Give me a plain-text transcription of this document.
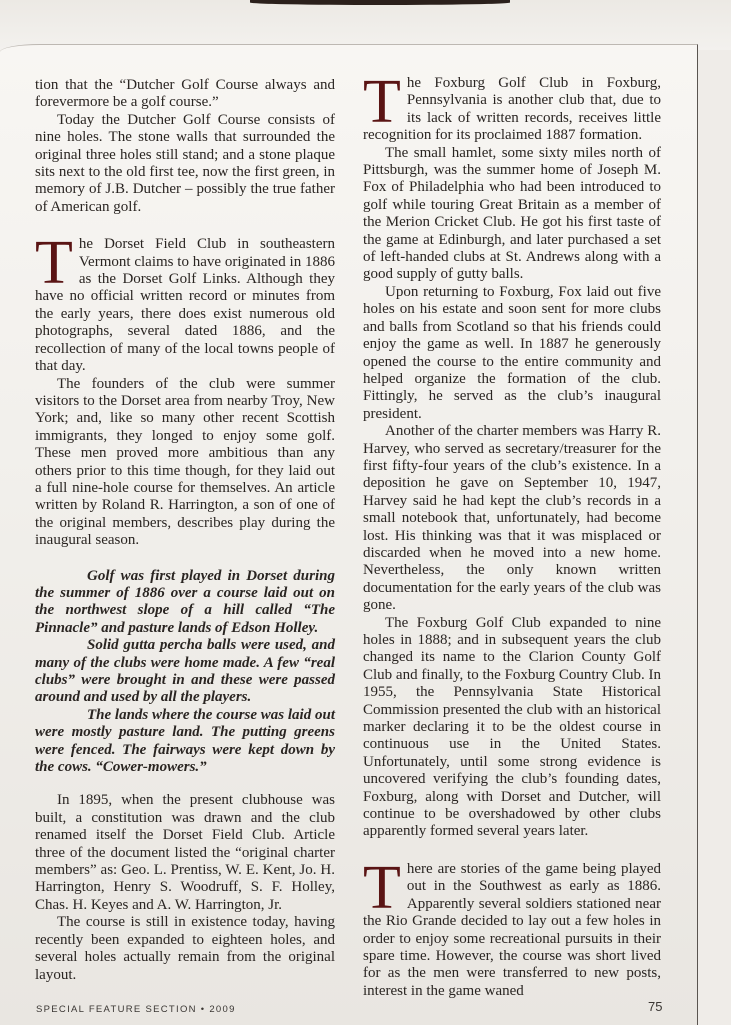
tion that the “Dutcher Golf Course always and forevermore be a golf course.”

Today the Dutcher Golf Course consists of nine holes. The stone walls that surrounded the original three holes still stand; and a stone plaque sits next to the old first tee, now the first green, in memory of J.B. Dutcher – possibly the true father of American golf.

T he Dorset Field Club in southeastern Vermont claims to have originated in 1886 as the Dorset Golf Links. Although they have no official written record or minutes from the early years, there does exist numerous old photographs, several dated 1886, and the recollection of many of the local towns people of that day.

The founders of the club were summer visitors to the Dorset area from nearby Troy, New York; and, like so many other recent Scottish immigrants, they longed to enjoy some golf. These men proved more ambitious than any others prior to this time though, for they laid out a full nine-hole course for themselves. An article written by Roland R. Harrington, a son of one of the original members, describes play during the inaugural season.

Golf was first played in Dorset during the summer of 1886 over a course laid out on the northwest slope of a hill called “The Pinnacle” and pasture lands of Edson Holley.

Solid gutta percha balls were used, and many of the clubs were home made. A few “real clubs” were brought in and these were passed around and used by all the players.

The lands where the course was laid out were mostly pasture land. The putting greens were fenced. The fairways were kept down by the cows. “Cower-mowers.”

In 1895, when the present clubhouse was built, a constitution was drawn and the club renamed itself the Dorset Field Club. Article three of the document listed the “original charter members” as: Geo. L. Prentiss, W. E. Kent, Jo. H. Harrington, Henry S. Woodruff, S. F. Holley, Chas. H. Keyes and A. W. Harrington, Jr.

The course is still in existence today, having recently been expanded to eighteen holes, and several holes actually remain from the original layout.

T he Foxburg Golf Club in Foxburg, Pennsylvania is another club that, due to its lack of written records, receives little recognition for its proclaimed 1887 formation.

The small hamlet, some sixty miles north of Pittsburgh, was the summer home of Joseph M. Fox of Philadelphia who had been introduced to golf while touring Great Britain as a member of the Merion Cricket Club. He got his first taste of the game at Edinburgh, and later purchased a set of left-handed clubs at St. Andrews along with a good supply of gutty balls.

Upon returning to Foxburg, Fox laid out five holes on his estate and soon sent for more clubs and balls from Scotland so that his friends could enjoy the game as well. In 1887 he generously opened the course to the entire community and helped organize the formation of the club. Fittingly, he served as the club’s inaugural president.

Another of the charter members was Harry R. Harvey, who served as secretary/treasurer for the first fifty-four years of the club’s existence. In a deposition he gave on September 10, 1947, Harvey said he had kept the club’s records in a small notebook that, unfortunately, had become lost. His thinking was that it was misplaced or discarded when he moved into a new home. Nevertheless, the only known written documentation for the early years of the club was gone.

The Foxburg Golf Club expanded to nine holes in 1888; and in subsequent years the club changed its name to the Clarion County Golf Club and finally, to the Foxburg Country Club. In 1955, the Pennsylvania State Historical Commission presented the club with an historical marker declaring it to be the oldest course in continuous use in the United States. Unfortunately, until some strong evidence is uncovered verifying the club’s founding dates, Foxburg, along with Dorset and Dutcher, will continue to be overshadowed by other clubs apparently formed several years later.

T here are stories of the game being played out in the Southwest as early as 1886. Apparently several soldiers stationed near the Rio Grande decided to lay out a few holes in order to enjoy some recreational pursuits in their spare time. However, the course was short lived for as the men were transferred to new posts, interest in the game waned

SPECIAL FEATURE SECTION • 2009	75
